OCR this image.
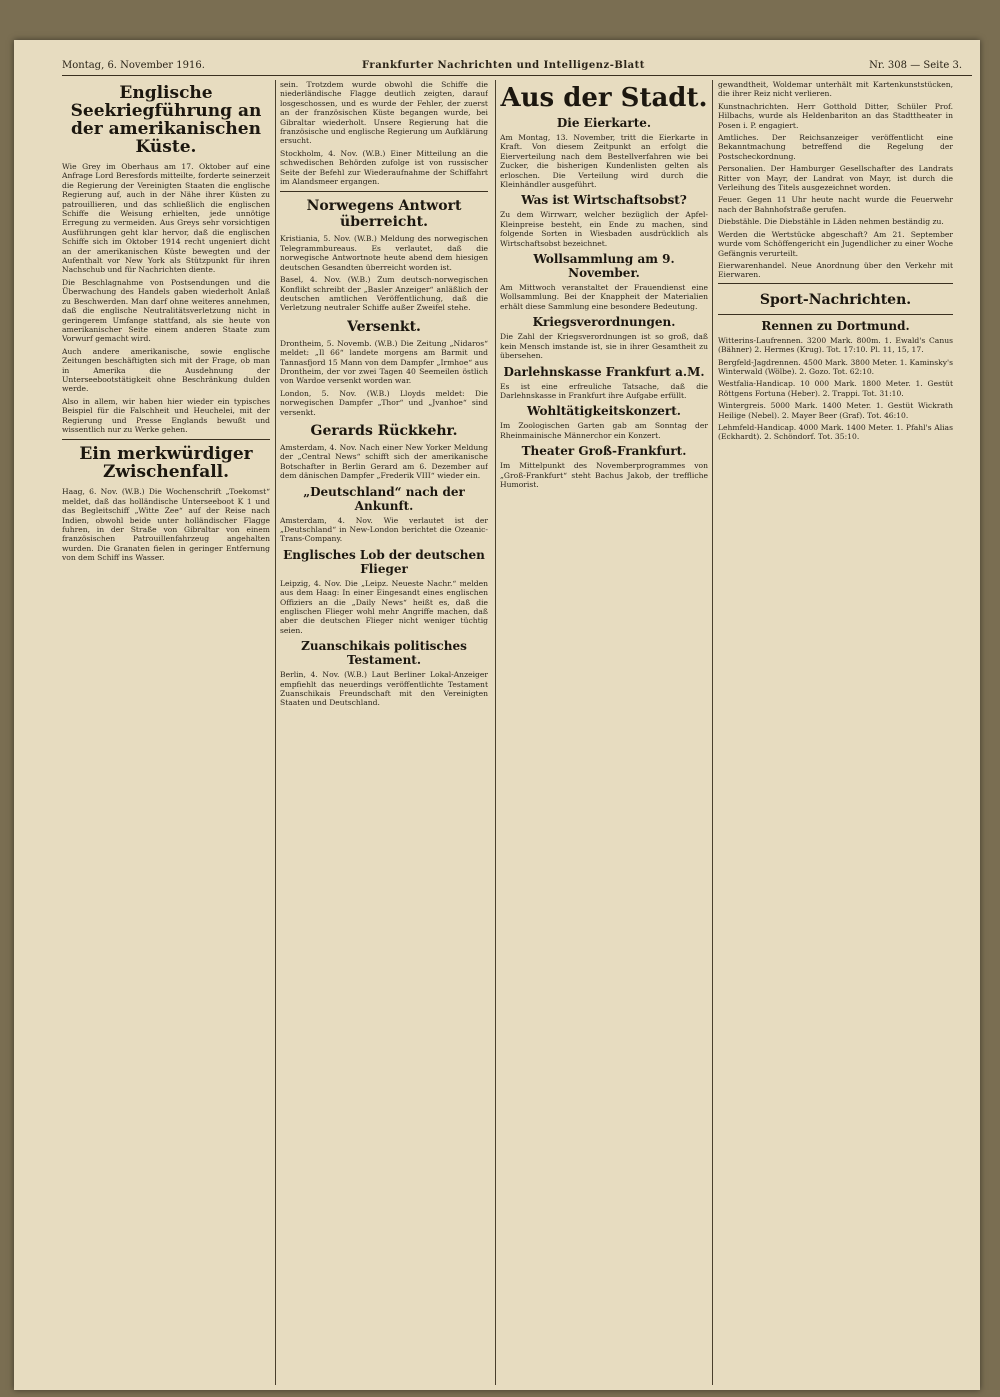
Montag, 6. November 1916.	Frankfurter Nachrichten und Intelligenz-Blatt	Nr. 308 — Seite 3.
Englische Seekriegführung an der amerikanischen Küste.

Wie Grey im Oberhaus am 17. Oktober auf eine Anfrage Lord Beresfords mitteilte, forderte seinerzeit die Regierung der Vereinigten Staaten die englische Regierung auf, auch in der Nähe ihrer Küsten zu patrouillieren, und das schließlich die englischen Schiffe die Weisung erhielten, jede unnötige Erregung zu vermeiden. Aus Greys sehr vorsichtigen Ausführungen geht klar hervor, daß die englischen Schiffe sich im Oktober 1914 recht ungeniert dicht an der amerikanischen Küste bewegten und der Aufenthalt vor New York als Stützpunkt für ihren Nachschub und für Nachrichten diente.

Die Beschlagnahme von Postsendungen und die Überwachung des Handels gaben wiederholt Anlaß zu Beschwerden. Man darf ohne weiteres annehmen, daß die englische Neutralitätsverletzung nicht in geringerem Umfange stattfand, als sie heute von amerikanischer Seite einem anderen Staate zum Vorwurf gemacht wird.

Auch andere amerikanische, sowie englische Zeitungen beschäftigten sich mit der Frage, ob man in Amerika die Ausdehnung der Unterseebootstätigkeit ohne Beschränkung dulden werde.

Also in allem, wir haben hier wieder ein typisches Beispiel für die Falschheit und Heuchelei, mit der Regierung und Presse Englands bewußt und wissentlich nur zu Werke gehen.

Ein merkwürdiger Zwischenfall.

Haag, 6. Nov. (W.B.) Die Wochenschrift „Toekomst“ meldet, daß das holländische Unterseeboot K 1 und das Begleitschiff „Witte Zee“ auf der Reise nach Indien, obwohl beide unter holländischer Flagge fuhren, in der Straße von Gibraltar von einem französischen Patrouillenfahrzeug angehalten wurden. Die Granaten fielen in geringer Entfernung von dem Schiff ins Wasser.

sein. Trotzdem wurde obwohl die Schiffe die niederländische Flagge deutlich zeigten, darauf losgeschossen, und es wurde der Fehler, der zuerst an der französischen Küste begangen wurde, bei Gibraltar wiederholt. Unsere Regierung hat die französische und englische Regierung um Aufklärung ersucht.

Stockholm, 4. Nov. (W.B.) Einer Mitteilung an die schwedischen Behörden zufolge ist von russischer Seite der Befehl zur Wiederaufnahme der Schiffahrt im Alandsmeer ergangen.

Norwegens Antwort überreicht.

Kristiania, 5. Nov. (W.B.) Meldung des norwegischen Telegrammbureaus. Es verlautet, daß die norwegische Antwortnote heute abend dem hiesigen deutschen Gesandten überreicht worden ist.

Basel, 4. Nov. (W.B.) Zum deutsch-norwegischen Konflikt schreibt der „Basler Anzeiger“ anläßlich der deutschen amtlichen Veröffentlichung, daß die Verletzung neutraler Schiffe außer Zweifel stehe.

Versenkt.

Drontheim, 5. Novemb. (W.B.) Die Zeitung „Nidaros“ meldet: „Il 66“ landete morgens am Barmit und Tannasfjord 15 Mann von dem Dampfer „Irmhoe“ aus Drontheim, der vor zwei Tagen 40 Seemeilen östlich von Wardoe versenkt worden war.

London, 5. Nov. (W.B.) Lloyds meldet: Die norwegischen Dampfer „Thor“ und „Jvanhoe“ sind versenkt.

Gerards Rückkehr.

Amsterdam, 4. Nov. Nach einer New Yorker Meldung der „Central News“ schifft sich der amerikanische Botschafter in Berlin Gerard am 6. Dezember auf dem dänischen Dampfer „Frederik VIII“ wieder ein.

„Deutschland“ nach der Ankunft.

Amsterdam, 4. Nov. Wie verlautet ist der „Deutschland“ in New-London berichtet die Ozeanic-Trans-Company.

Englisches Lob der deutschen Flieger

Leipzig, 4. Nov. Die „Leipz. Neueste Nachr.“ melden aus dem Haag: In einer Eingesandt eines englischen Offiziers an die „Daily News“ heißt es, daß die englischen Flieger wohl mehr Angriffe machen, daß aber die deutschen Flieger nicht weniger tüchtig seien.

Zuanschikais politisches Testament.

Berlin, 4. Nov. (W.B.) Laut Berliner Lokal-Anzeiger empfiehlt das neuerdings veröffentlichte Testament Zuanschikais Freundschaft mit den Vereinigten Staaten und Deutschland.

Aus der Stadt.
Die Eierkarte.

Am Montag, 13. November, tritt die Eierkarte in Kraft. Von diesem Zeitpunkt an erfolgt die Eierverteilung nach dem Bestellverfahren wie bei Zucker, die bisherigen Kundenlisten gelten als erloschen. Die Verteilung wird durch die Kleinhändler ausgeführt.

Was ist Wirtschaftsobst?

Zu dem Wirrwarr, welcher bezüglich der Apfel-Kleinpreise besteht, ein Ende zu machen, sind folgende Sorten in Wiesbaden ausdrücklich als Wirtschaftsobst bezeichnet.

Wollsammlung am 9. November.

Am Mittwoch veranstaltet der Frauendienst eine Wollsammlung. Bei der Knappheit der Materialien erhält diese Sammlung eine besondere Bedeutung.

Kriegsverordnungen.

Die Zahl der Kriegsverordnungen ist so groß, daß kein Mensch imstande ist, sie in ihrer Gesamtheit zu übersehen.

Darlehnskasse Frankfurt a.M.

Es ist eine erfreuliche Tatsache, daß die Darlehnskasse in Frankfurt ihre Aufgabe erfüllt.

Wohltätigkeitskonzert.

Im Zoologischen Garten gab am Sonntag der Rheinmainische Männerchor ein Konzert.

Theater Groß-Frankfurt.

Im Mittelpunkt des Novemberprogrammes von „Groß-Frankfurt“ steht Bachus Jakob, der treffliche Humorist.

gewandtheit, Woldemar unterhält mit Kartenkunststücken, die ihrer Reiz nicht verlieren.

Kunstnachrichten. Herr Gotthold Ditter, Schüler Prof. Hilbachs, wurde als Heldenbariton an das Stadttheater in Posen i. P. engagiert.

Amtliches. Der Reichsanzeiger veröffentlicht eine Bekanntmachung betreffend die Regelung der Postscheckordnung.

Personalien. Der Hamburger Gesellschafter des Landrats Ritter von Mayr, der Landrat von Mayr, ist durch die Verleihung des Titels ausgezeichnet worden.

Feuer. Gegen 11 Uhr heute nacht wurde die Feuerwehr nach der Bahnhofstraße gerufen.

Diebstähle. Die Diebstähle in Läden nehmen beständig zu.

Werden die Wertstücke abgeschaft? Am 21. September wurde vom Schöffengericht ein Jugendlicher zu einer Woche Gefängnis verurteilt.

Eierwarenhandel. Neue Anordnung über den Verkehr mit Eierwaren.

Sport-Nachrichten.
Rennen zu Dortmund.

Witterins-Laufrennen. 3200 Mark. 800m. 1. Ewald's Canus (Bähner) 2. Hermes (Krug). Tot. 17:10. Pl. 11, 15, 17.

Bergfeld-Jagdrennen. 4500 Mark. 3800 Meter. 1. Kaminsky's Winterwald (Wölbe). 2. Gozo. Tot. 62:10.

Westfalia-Handicap. 10 000 Mark. 1800 Meter. 1. Gestüt Röttgens Fortuna (Heber). 2. Trappi. Tot. 31:10.

Wintergreis. 5000 Mark. 1400 Meter. 1. Gestüt Wickrath Heilige (Nebel). 2. Mayer Beer (Graf). Tot. 46:10.

Lehmfeld-Handicap. 4000 Mark. 1400 Meter. 1. Pfahl's Alias (Eckhardt). 2. Schöndorf. Tot. 35:10.
